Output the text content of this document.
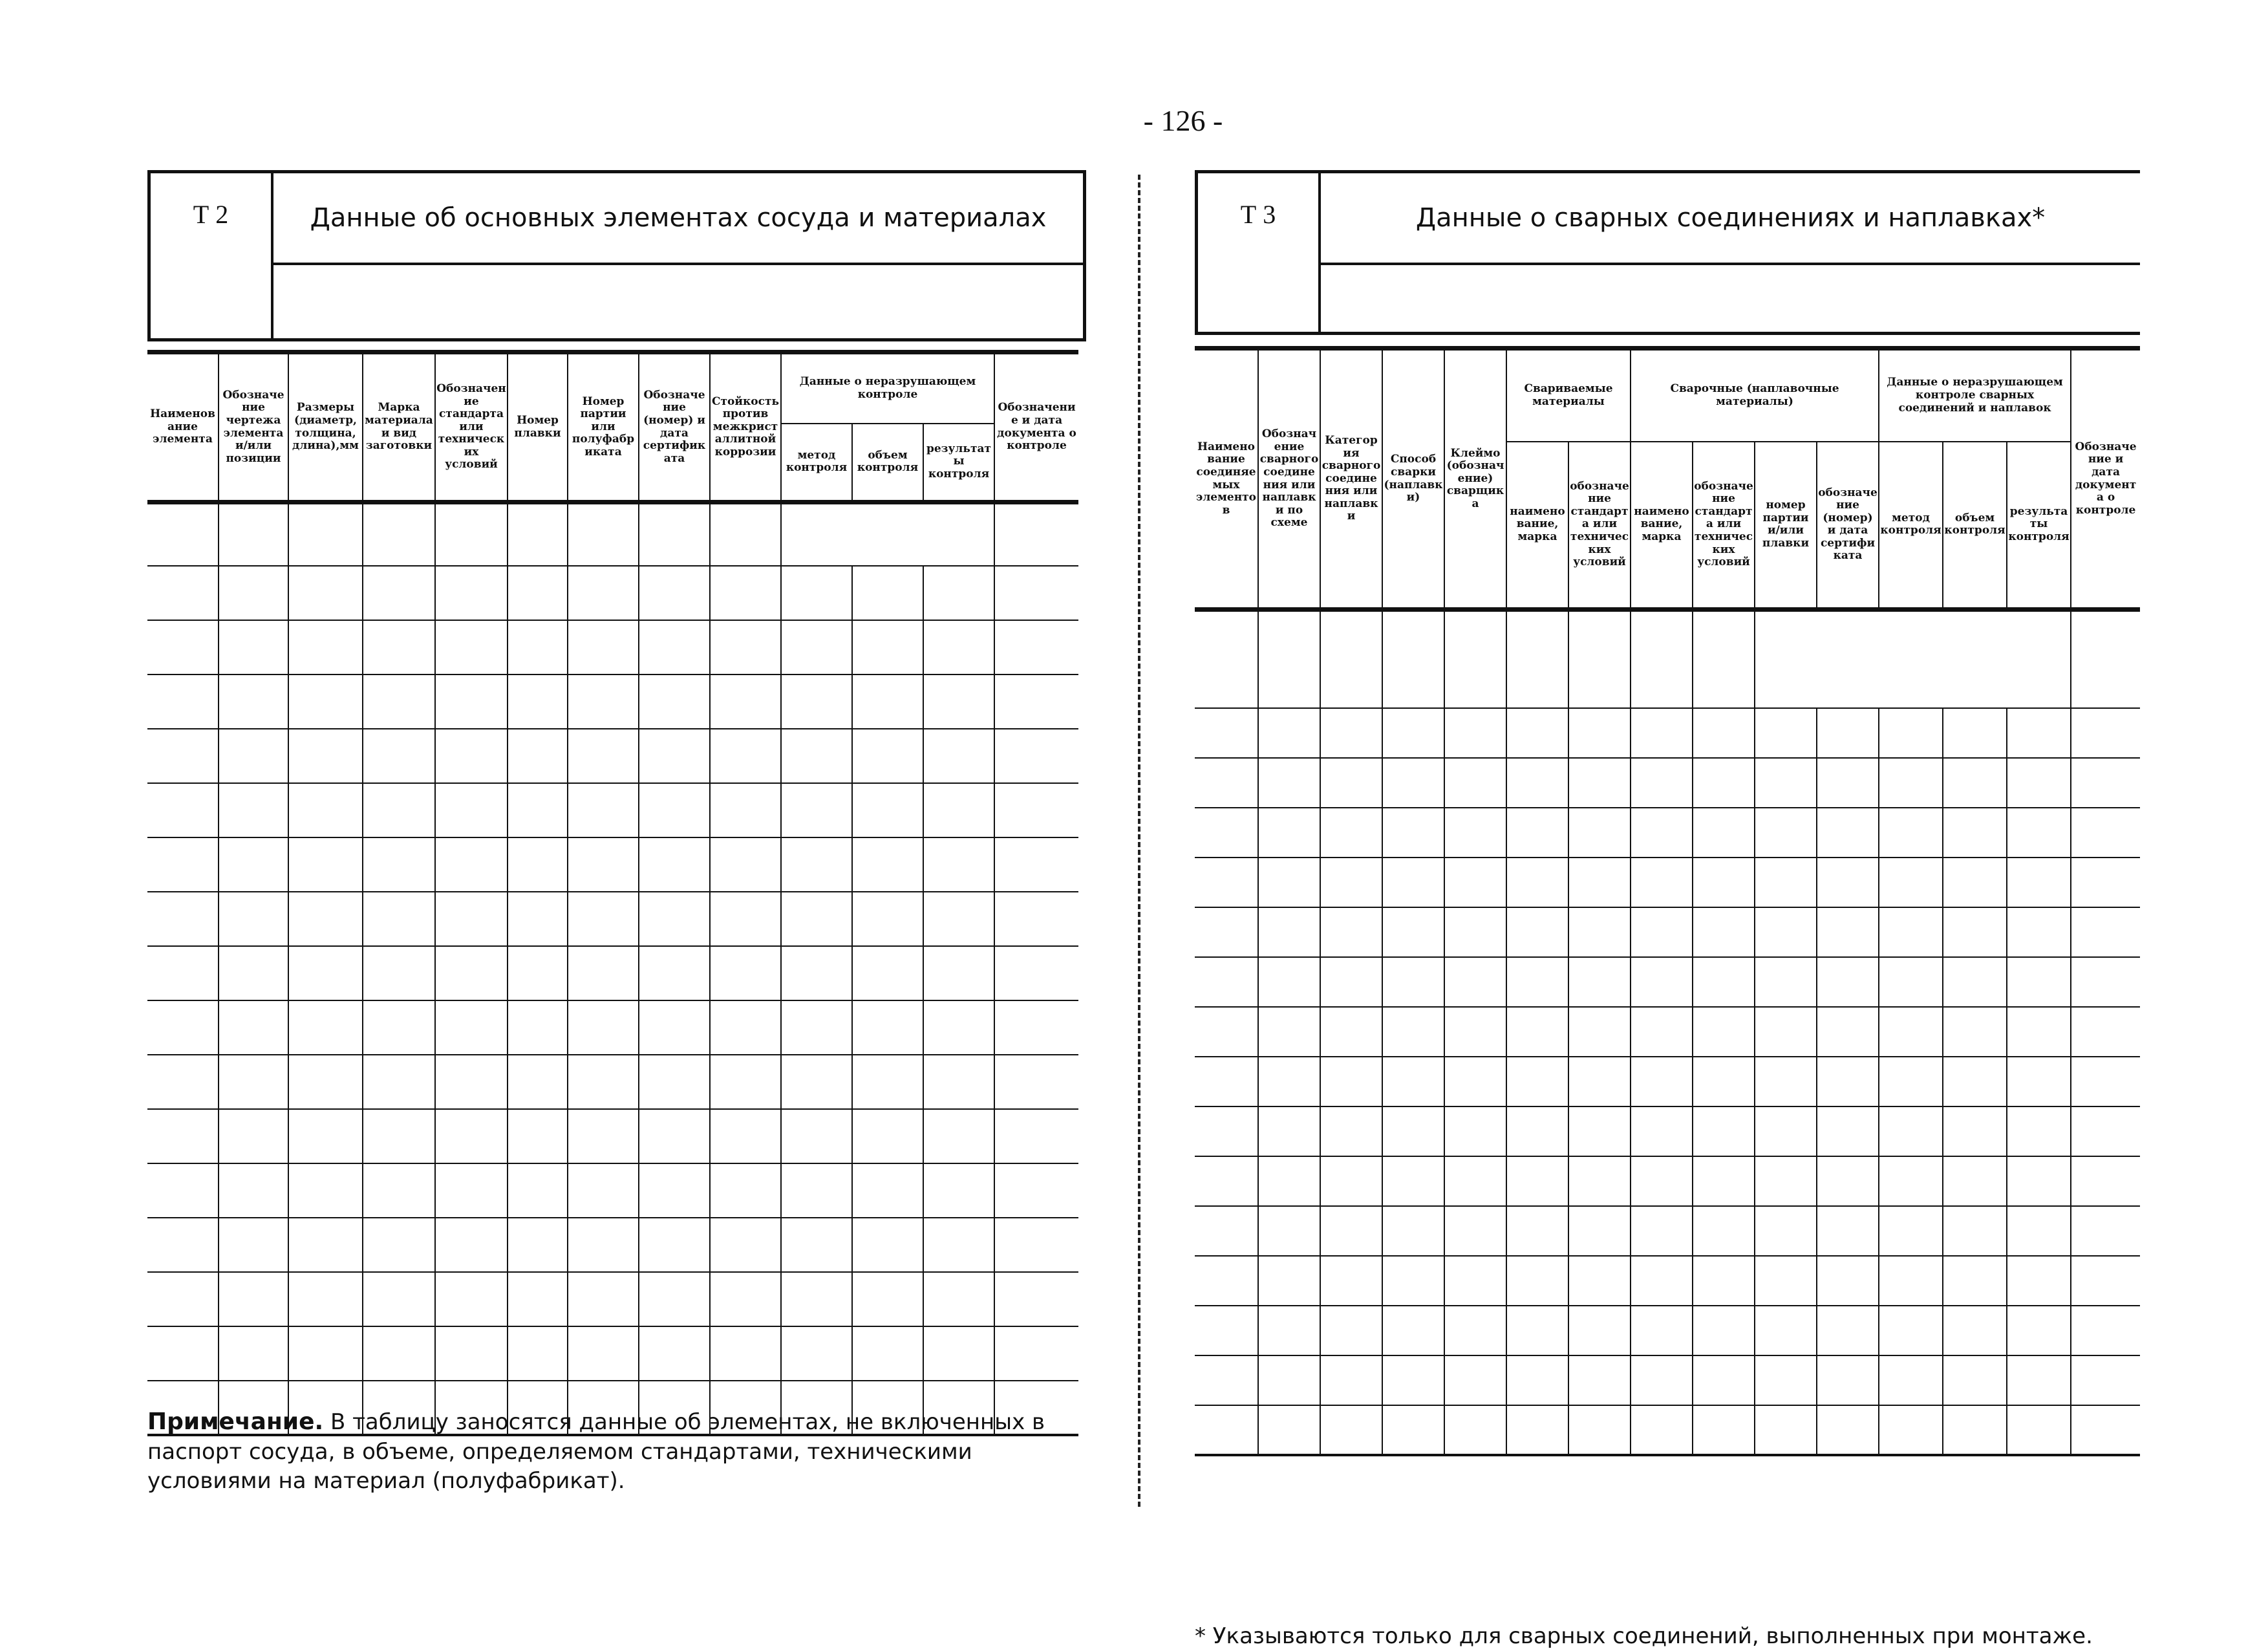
- 126 -
Т 2	Данные об основных элементах сосуда и материалах
Наименование элемента	Обозначение чертежа элемента и/или позиции	Размеры (диаметр, толщина, длина),мм	Марка материала и вид заготовки	Обозначение стандарта или технических условий	Номер плавки	Номер партии или полуфабриката	Обозначение (номер) и дата сертификата	Стойкость против межкристаллитной коррозии	Данные о неразрушающем контроле			Обозначение и дата документа о контроле
									метод контроля	объем контроля	результаты контроля	

Примечание. В таблицу заносятся данные об элементах, не включенных в паспорт сосуда, в объеме, определяемом стандартами, техническими условиями на материал (полуфабрикат).
Т 3	Данные о сварных соединениях и наплавках*
Наименование соединяемых элементов	Обозначение сварного соединения или наплавки по схеме	Категория сварного соединения или наплавки	Способ сварки (наплавки)	Клеймо (обозначение) сварщика	Свариваемые материалы		Сварочные (наплавочные материалы)				Данные о неразрушающем контроле сварных соединений и наплавок			Обозначение и дата документа о контроле
					наименование, марка	обозначение стандарта или технических условий	наименование, марка	обозначение стандарта или технических условий	номер партии и/или плавки	обозначение (номер) и дата сертификата	метод контроля	объем контроля	результаты контроля	

* Указываются только для сварных соединений, выполненных при монтаже.
